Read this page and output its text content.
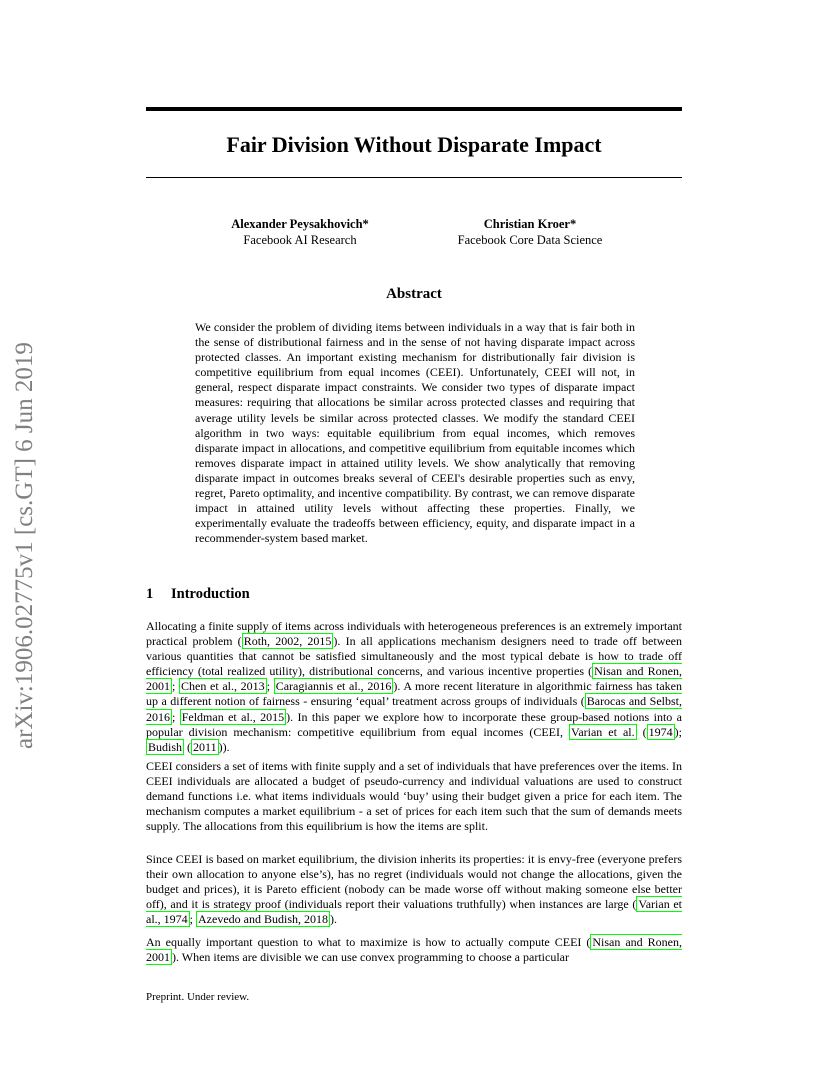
arXiv:1906.02775v1 [cs.GT] 6 Jun 2019
Fair Division Without Disparate Impact
Alexander Peysakhovich*
Facebook AI Research
Christian Kroer*
Facebook Core Data Science
Abstract

We consider the problem of dividing items between individuals in a way that is fair both in the sense of distributional fairness and in the sense of not having disparate impact across protected classes. An important existing mechanism for distributionally fair division is competitive equilibrium from equal incomes (CEEI). Unfortunately, CEEI will not, in general, respect disparate impact constraints. We consider two types of disparate impact measures: requiring that allocations be similar across protected classes and requiring that average utility levels be similar across protected classes. We modify the standard CEEI algorithm in two ways: equitable equilibrium from equal incomes, which removes disparate impact in allocations, and competitive equilibrium from equitable incomes which removes disparate impact in attained utility levels. We show analytically that removing disparate impact in outcomes breaks several of CEEI's desirable properties such as envy, regret, Pareto optimality, and incentive compatibility. By contrast, we can remove disparate impact in attained utility levels without affecting these properties. Finally, we experimentally evaluate the tradeoffs between efficiency, equity, and disparate impact in a recommender-system based market.

1 Introduction

Allocating a finite supply of items across individuals with heterogeneous preferences is an extremely important practical problem ( Roth, 2002, 2015 ). In all applications mechanism designers need to trade off between various quantities that cannot be satisfied simultaneously and the most typical debate is how to trade off efficiency (total realized utility), distributional concerns, and various incentive properties ( Nisan and Ronen, 2001 ; Chen et al., 2013 ; Caragiannis et al., 2016 ). A more recent literature in algorithmic fairness has taken up a different notion of fairness - ensuring ‘equal’ treatment across groups of individuals ( Barocas and Selbst, 2016 ; Feldman et al., 2015 ). In this paper we explore how to incorporate these group-based notions into a popular division mechanism: competitive equilibrium from equal incomes (CEEI, Varian et al. ( 1974 ); Budish ( 2011 )).

CEEI considers a set of items with finite supply and a set of individuals that have preferences over the items. In CEEI individuals are allocated a budget of pseudo-currency and individual valuations are used to construct demand functions i.e. what items individuals would ‘buy’ using their budget given a price for each item. The mechanism computes a market equilibrium - a set of prices for each item such that the sum of demands meets supply. The allocations from this equilibrium is how the items are split.

Since CEEI is based on market equilibrium, the division inherits its properties: it is envy-free (everyone prefers their own allocation to anyone else’s), has no regret (individuals would not change the allocations, given the budget and prices), it is Pareto efficient (nobody can be made worse off without making someone else better off), and it is strategy proof (individuals report their valuations truthfully) when instances are large ( Varian et al., 1974 ; Azevedo and Budish, 2018 ).

An equally important question to what to maximize is how to actually compute CEEI ( Nisan and Ronen, 2001 ). When items are divisible we can use convex programming to choose a particular

Preprint. Under review.
